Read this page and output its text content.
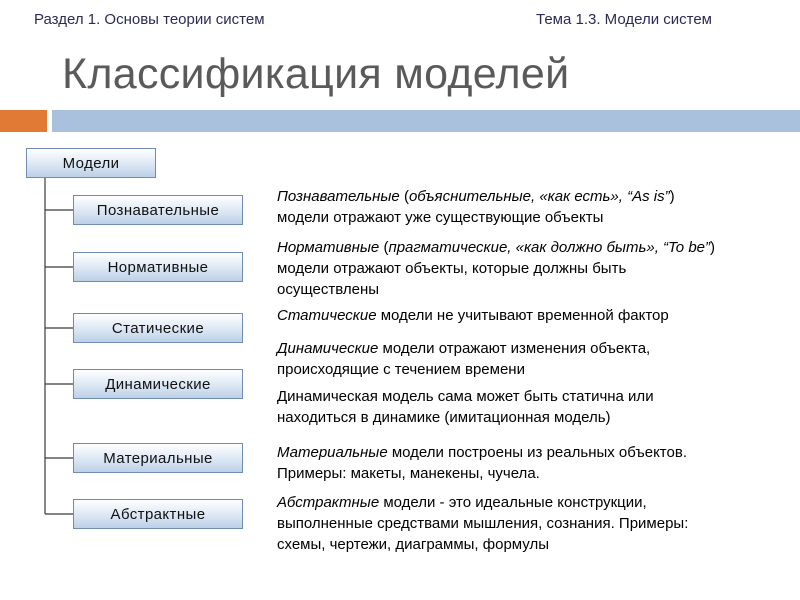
Раздел 1. Основы теории систем	Тема 1.3. Модели систем
Классификация моделей
Модели
Познавательные
Нормативные
Статические
Динамические
Материальные
Абстрактные
Познавательные (объяснительные, «как есть», “As is”)
модели отражают уже существующие объекты
Нормативные (прагматические, «как должно быть», “To be”) модели отражают объекты, которые должны быть осуществлены
Статические модели не учитывают временной фактор
Динамические модели отражают изменения объекта, происходящие с течением времени
Динамическая модель сама может быть статична или находиться в динамике (имитационная модель)
Материальные модели построены из реальных объектов. Примеры: макеты, манекены, чучела.
Абстрактные модели - это идеальные конструкции, выполненные средствами мышления, сознания. Примеры: схемы, чертежи, диаграммы, формулы
